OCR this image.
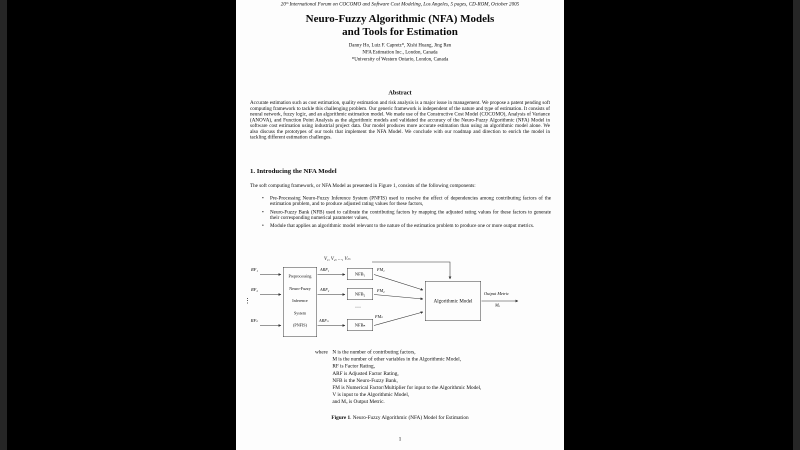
20ᵗʰ International Forum on COCOMO and Software Cost Modeling, Los Angeles, 5 pages, CD-ROM, October 2005
Neuro-Fuzzy Algorithmic (NFA) Models
and Tools for Estimation
Danny Ho, Luiz F. Capretz*, Xishi Huang, Jing Ren
NFA Estimation Inc., London, Canada
*University of Western Ontario, London, Canada
Abstract
Accurate estimation such as cost estimation, quality estimation and risk analysis is a major issue in management. We propose a patent pending soft computing framework to tackle this challenging problem. Our generic framework is independent of the nature and type of estimation. It consists of neural network, fuzzy logic, and an algorithmic estimation model. We made use of the Constructive Cost Model (COCOMO), Analysis of Variance (ANOVA), and Function Point Analysis as the algorithmic models and validated the accuracy of the Neuro-Fuzzy Algorithmic (NFA) Model in software cost estimation using industrial project data. Our model produces more accurate estimation than using an algorithmic model alone. We also discuss the prototypes of our tools that implement the NFA Model. We conclude with our roadmap and direction to enrich the model in tackling different estimation challenges.
1. Introducing the NFA Model
The soft computing framework, or NFA Model as presented in Figure 1, consists of the following components:
• Pre-Processing Neuro-Fuzzy Inference System (PNFIS) used to resolve the effect of dependencies among contributing factors of the estimation problem, and to produce adjusted rating values for these factors,
• Neuro-Fuzzy Bank (NFB) used to calibrate the contributing factors by mapping the adjusted rating values for these factors to generate their corresponding numerical parameter values,
• Module that applies an algorithmic model relevant to the nature of the estimation problem to produce one or more output metrics.
V₁, V₂, …, Vₘ
RF₁
RF₂
RFₙ
⋮
Preprocessing
Neuro-Fuzzy
Inference
System
(PNFIS)
ARF₁
ARF₂
ARFₙ
NFB₁
NFB₂
NFBₙ
…
FM₁
FM₂
FMₙ
Algorithmic Model
Output Metric
Mₒ
where N is the number of contributing factors,
M is the number of other variables in the Algorithmic Model,
RF is Factor Rating,
ARF is Adjusted Factor Rating,
NFB is the Neuro-Fuzzy Bank,
FM is Numerical Factor/Multiplier for input to the Algorithmic Model,
V is input to the Algorithmic Model,
and Mₒ is Output Metric.
Figure 1. Neuro-Fuzzy Algorithmic (NFA) Model for Estimation
1
